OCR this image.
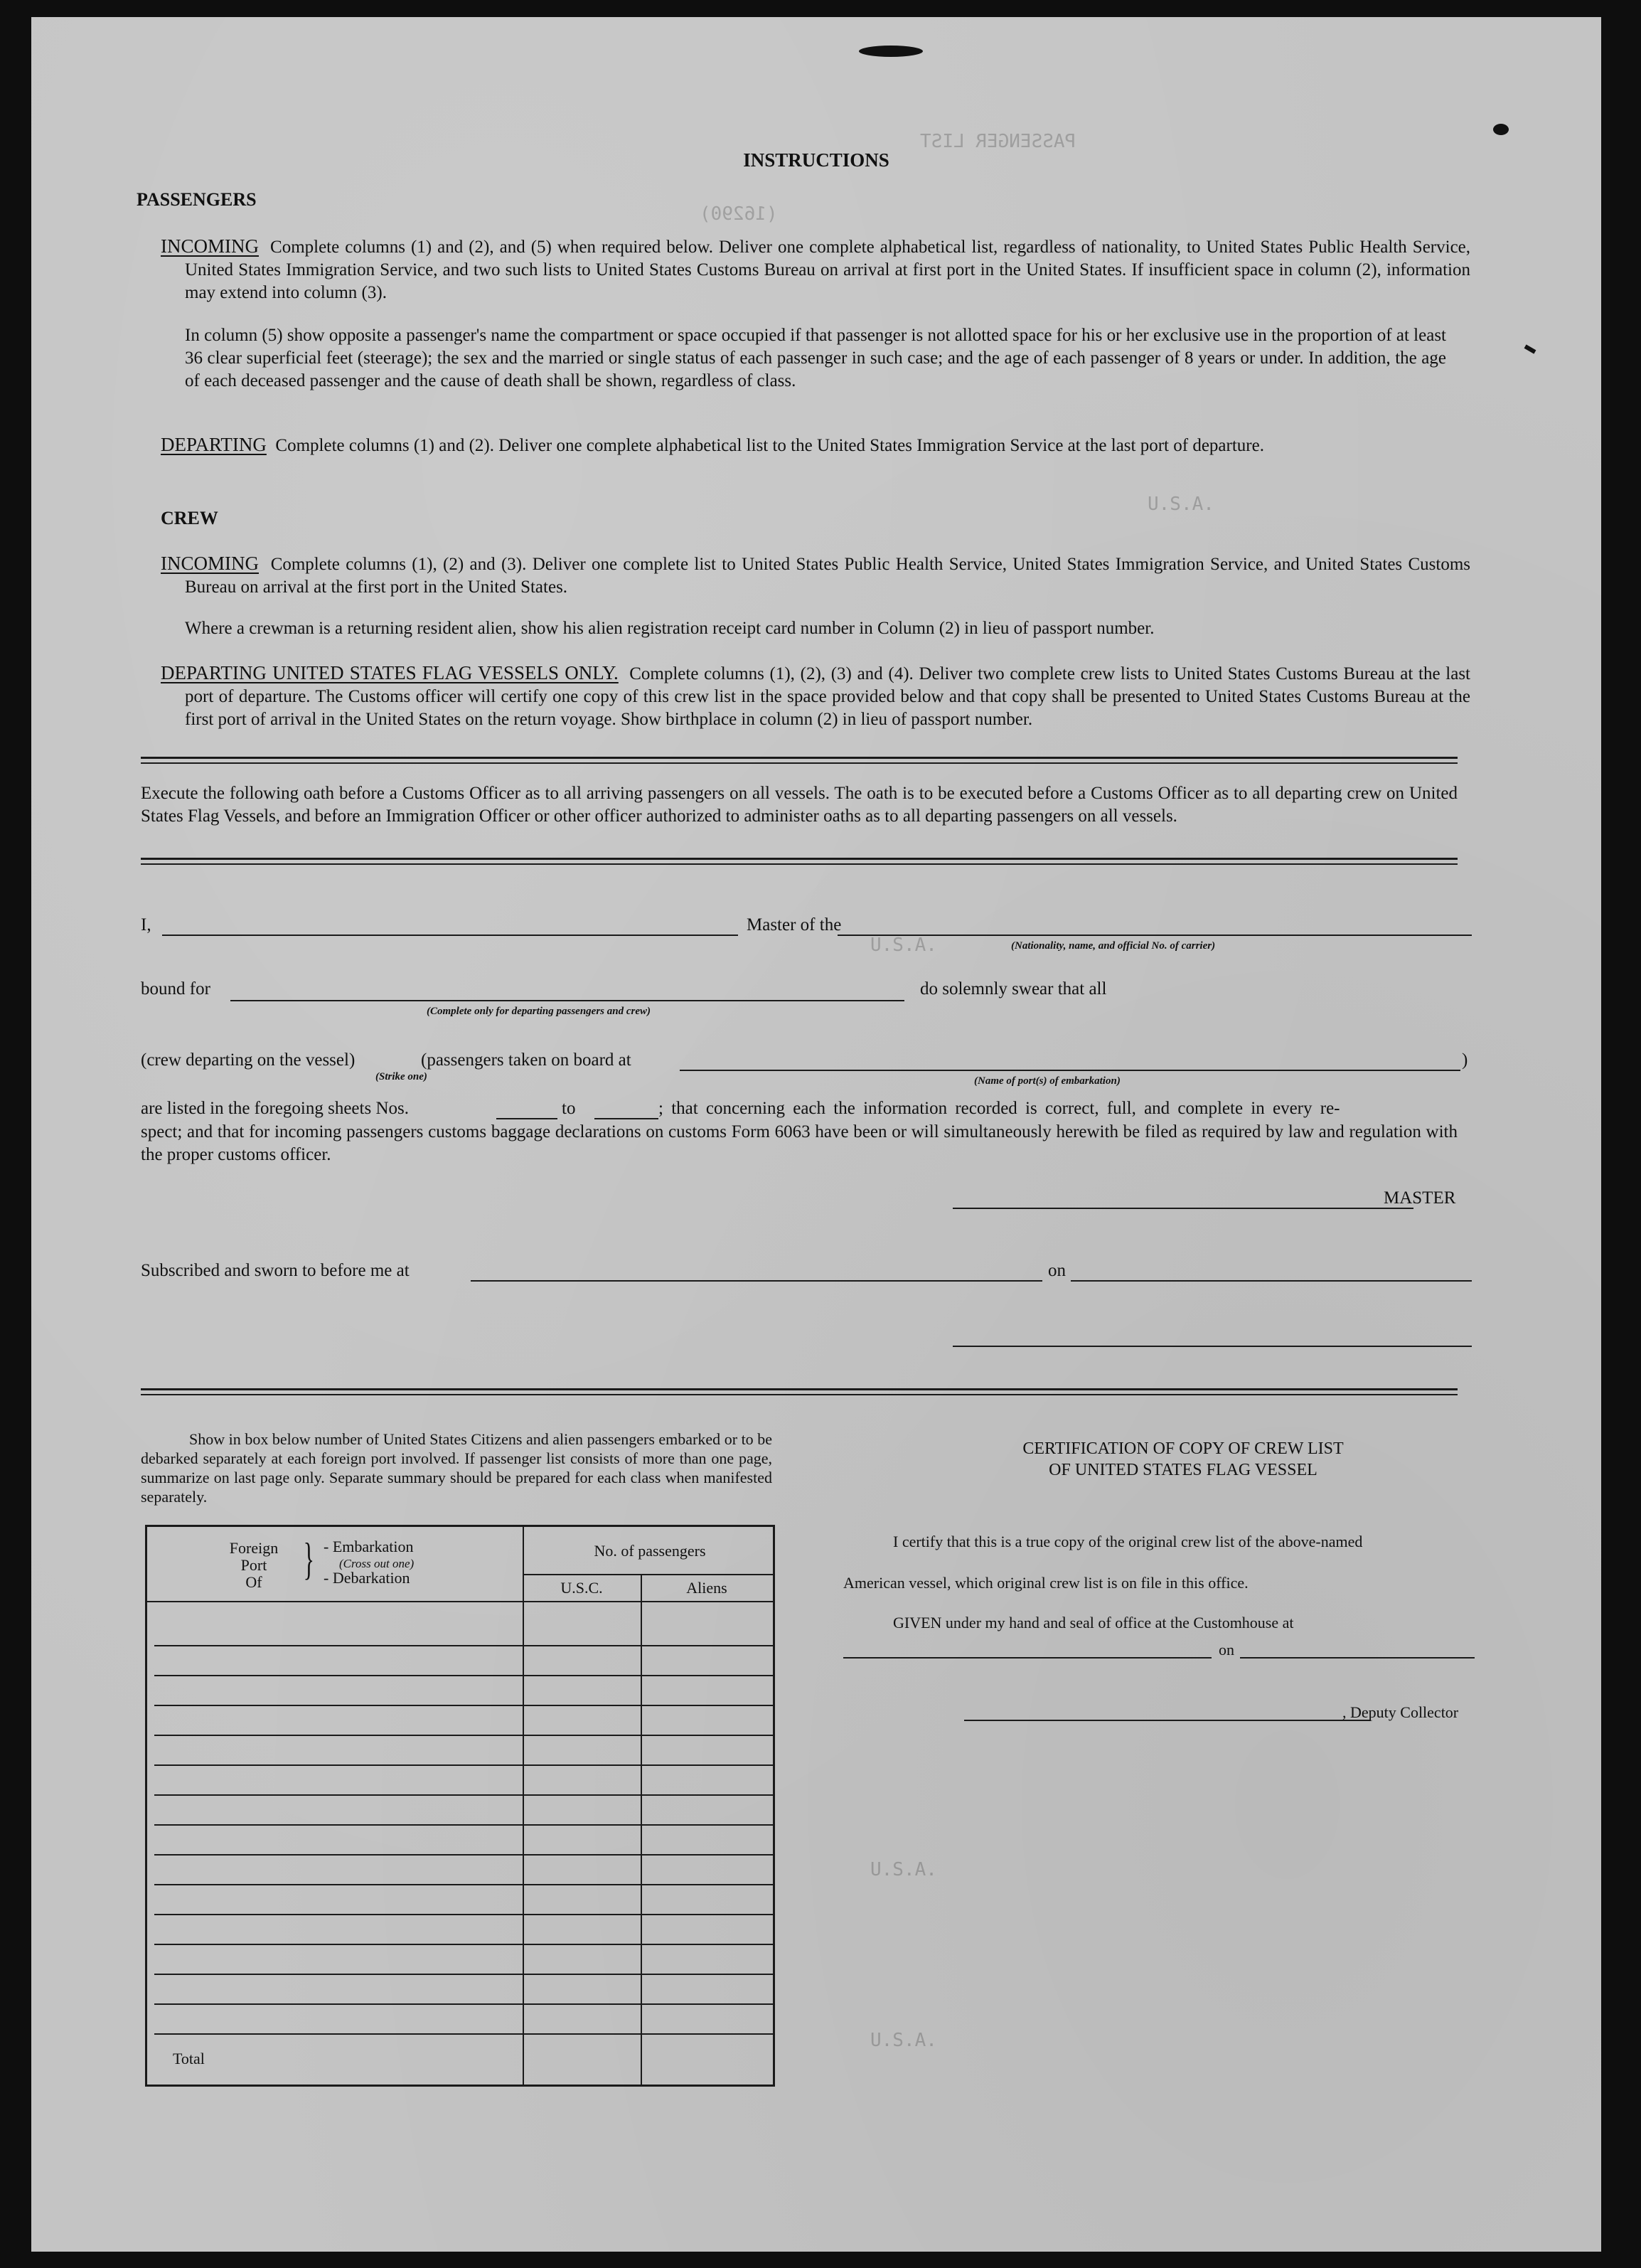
(16290)
PASSENGER LIST
U.S.A.
U.S.A.
U.S.A.
U.S.A.
INSTRUCTIONS
PASSENGERS
INCOMING Complete columns (1) and (2), and (5) when required below. Deliver one complete alphabetical list, regardless of nationality, to United States Public Health Service, United States Immigration Service, and two such lists to United States Customs Bureau on arrival at first port in the United States. If insufficient space in column (2), information may extend into column (3).
In column (5) show opposite a passenger's name the compartment or space occupied if that passenger is not allotted space for his or her exclusive use in the proportion of at least 36 clear superficial feet (steerage); the sex and the married or single status of each passenger in such case; and the age of each passenger of 8 years or under. In addition, the age of each deceased passenger and the cause of death shall be shown, regardless of class.
DEPARTING Complete columns (1) and (2). Deliver one complete alphabetical list to the United States Immigration Service at the last port of departure.
CREW
INCOMING Complete columns (1), (2) and (3). Deliver one complete list to United States Public Health Service, United States Immigration Service, and United States Customs Bureau on arrival at the first port in the United States.
Where a crewman is a returning resident alien, show his alien registration receipt card number in Column (2) in lieu of passport number.
DEPARTING UNITED STATES FLAG VESSELS ONLY. Complete columns (1), (2), (3) and (4). Deliver two complete crew lists to United States Customs Bureau at the last port of departure. The Customs officer will certify one copy of this crew list in the space provided below and that copy shall be presented to United States Customs Bureau at the first port of arrival in the United States on the return voyage. Show birthplace in column (2) in lieu of passport number.
Execute the following oath before a Customs Officer as to all arriving passengers on all vessels. The oath is to be executed before a Customs Officer as to all departing crew on United States Flag Vessels, and before an Immigration Officer or other officer authorized to administer oaths as to all departing passengers on all vessels.
I,	Master of the
(Nationality, name, and official No. of carrier)
bound for
(Complete only for departing passengers and crew)
do solemnly swear that all
(crew departing on the vessel)
(Strike one)
(passengers taken on board at	)
(Name of port(s) of embarkation)
are listed in the foregoing sheets Nos.	to	; that concerning each the information recorded is correct, full, and complete in every re-
spect; and that for incoming passengers customs baggage declarations on customs Form 6063 have been or will simultaneously herewith be filed as required by law and regulation with the proper customs officer.
MASTER
Subscribed and sworn to before me at	on
Show in box below number of United States Citizens and alien passengers embarked or to be debarked separately at each foreign port involved. If passenger list consists of more than one page, summarize on last page only. Separate summary should be prepared for each class when manifested separately.
Foreign
Port
Of } - Embarkation
(Cross out one)
- Debarkation
No. of passengers
U.S.C.	Aliens
Total
CERTIFICATION OF COPY OF CREW LIST
OF UNITED STATES FLAG VESSEL
I certify that this is a true copy of the original crew list of the above-named
American vessel, which original crew list is on file in this office.
GIVEN under my hand and seal of office at the Customhouse at
on
, Deputy Collector
